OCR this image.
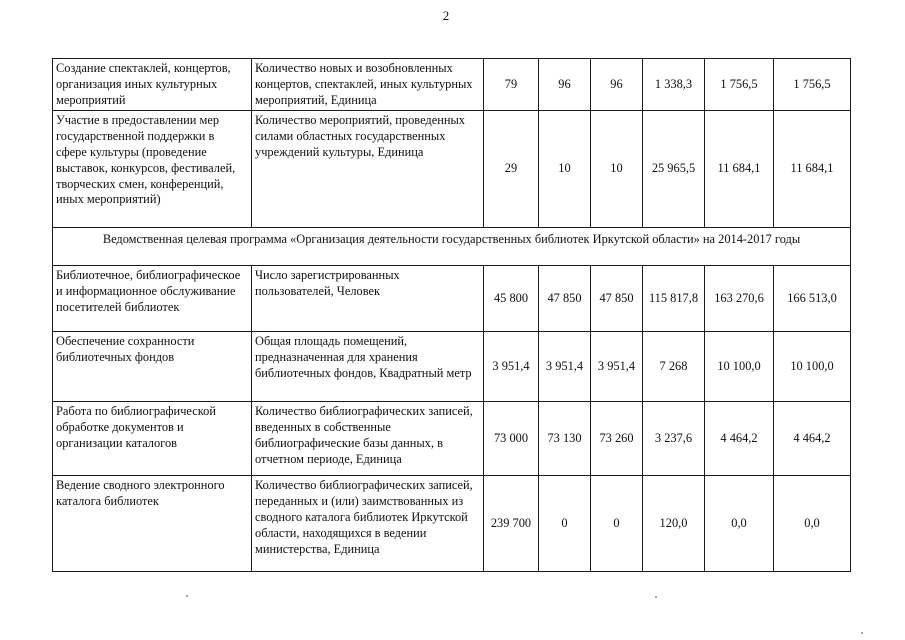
2
Создание спектаклей, концертов, организация иных культурных мероприятий	Количество новых и возобновленных концертов, спектаклей, иных культурных мероприятий, Единица	79	96	96	1 338,3	1 756,5	1 756,5
Участие в предоставлении мер государственной поддержки в сфере культуры (проведение выставок, конкурсов, фестивалей, творческих смен, конференций, иных мероприятий)	Количество мероприятий, проведенных силами областных государственных учреждений культуры, Единица	29	10	10	25 965,5	11 684,1	11 684,1
Ведомственная целевая программа «Организация деятельности государственных библиотек Иркутской области» на 2014-2017 годы							
Библиотечное, библиографическое и информационное обслуживание посетителей библиотек	Число зарегистрированных пользователей, Человек	45 800	47 850	47 850	115 817,8	163 270,6	166 513,0
Обеспечение сохранности библиотечных фондов	Общая площадь помещений, предназначенная для хранения библиотечных фондов, Квадратный метр	3 951,4	3 951,4	3 951,4	7 268	10 100,0	10 100,0
Работа по библиографической обработке документов и организации каталогов	Количество библиографических записей, введенных в собственные библиографические базы данных, в отчетном периоде, Единица	73 000	73 130	73 260	3 237,6	4 464,2	4 464,2
Ведение сводного электронного каталога библиотек	Количество библиографических записей, переданных и (или) заимствованных из сводного каталога библиотек Иркутской области, находящихся в ведении министерства, Единица	239 700	0	0	120,0	0,0	0,0
